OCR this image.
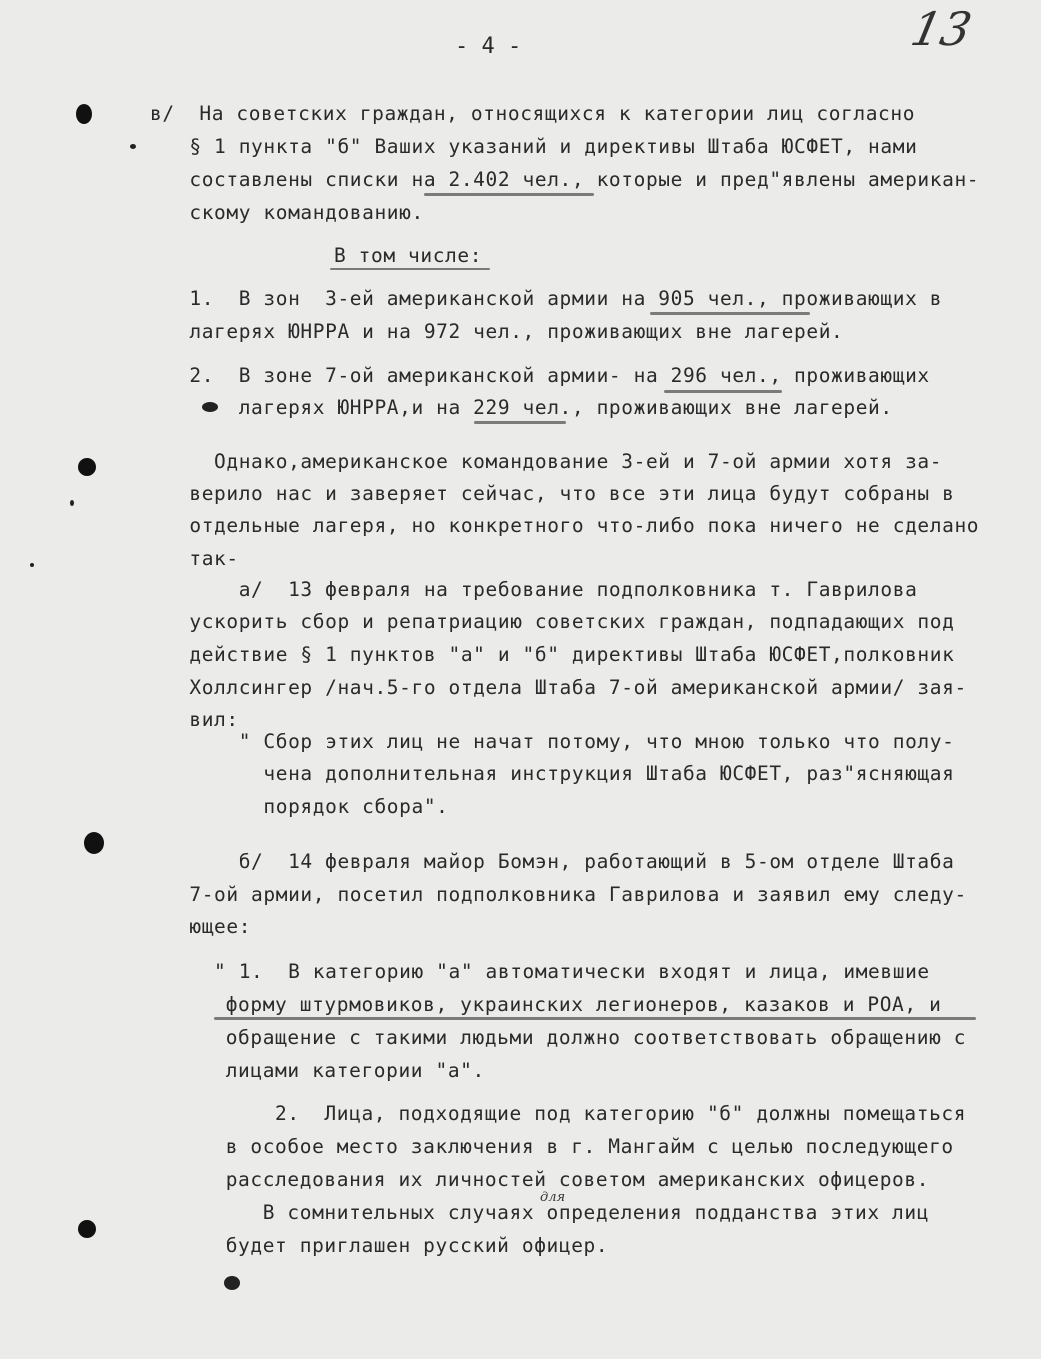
13
- 4 -
в/  На советских граждан, относящихся к категории лиц согласно
§ 1 пункта "б" Ваших указаний и директивы Штаба ЮСФЕТ, нами
составлены списки на 2.402 чел., которые и пред"явлены американ-
скому командованию.
В том числе:
1.  В зон  3-ей американской армии на 905 чел., проживающих в
лагерях ЮНРРА и на 972 чел., проживающих вне лагерей.
2.  В зоне 7-ой американской армии- на 296 чел., проживающих
лагерях ЮНРРА,и на 229 чел., проживающих вне лагерей.
Однако,американское командование 3-ей и 7-ой армии хотя за-
верило нас и заверяет сейчас, что все эти лица будут собраны в
отдельные лагеря, но конкретного что-либо пока ничего не сделано
так-
а/  13 февраля на требование подполковника т. Гаврилова
ускорить сбор и репатриацию советских граждан, подпадающих под
действие § 1 пунктов "а" и "б" директивы Штаба ЮСФЕТ,полковник
Холлсингер /нач.5-го отдела Штаба 7-ой американской армии/ зая-
вил:
" Сбор этих лиц не начат потому, что мною только что полу-
чена дополнительная инструкция Штаба ЮСФЕТ, раз"ясняющая
порядок сбора".
б/  14 февраля майор Бомэн, работающий в 5-ом отделе Штаба
7-ой армии, посетил подполковника Гаврилова и заявил ему следу-
ющее:
" 1.  В категорию "а" автоматически входят и лица, имевшие
форму штурмовиков, украинских легионеров, казаков и РОА, и
обращение с такими людьми должно соответствовать обращению с
лицами категории "а".
2.  Лица, подходящие под категорию "б" должны помещаться
в особое место заключения в г. Мангайм с целью последующего
расследования их личностей советом американских офицеров.
В сомнительных случаях определения подданства этих лиц
будет приглашен русский офицер.
для
